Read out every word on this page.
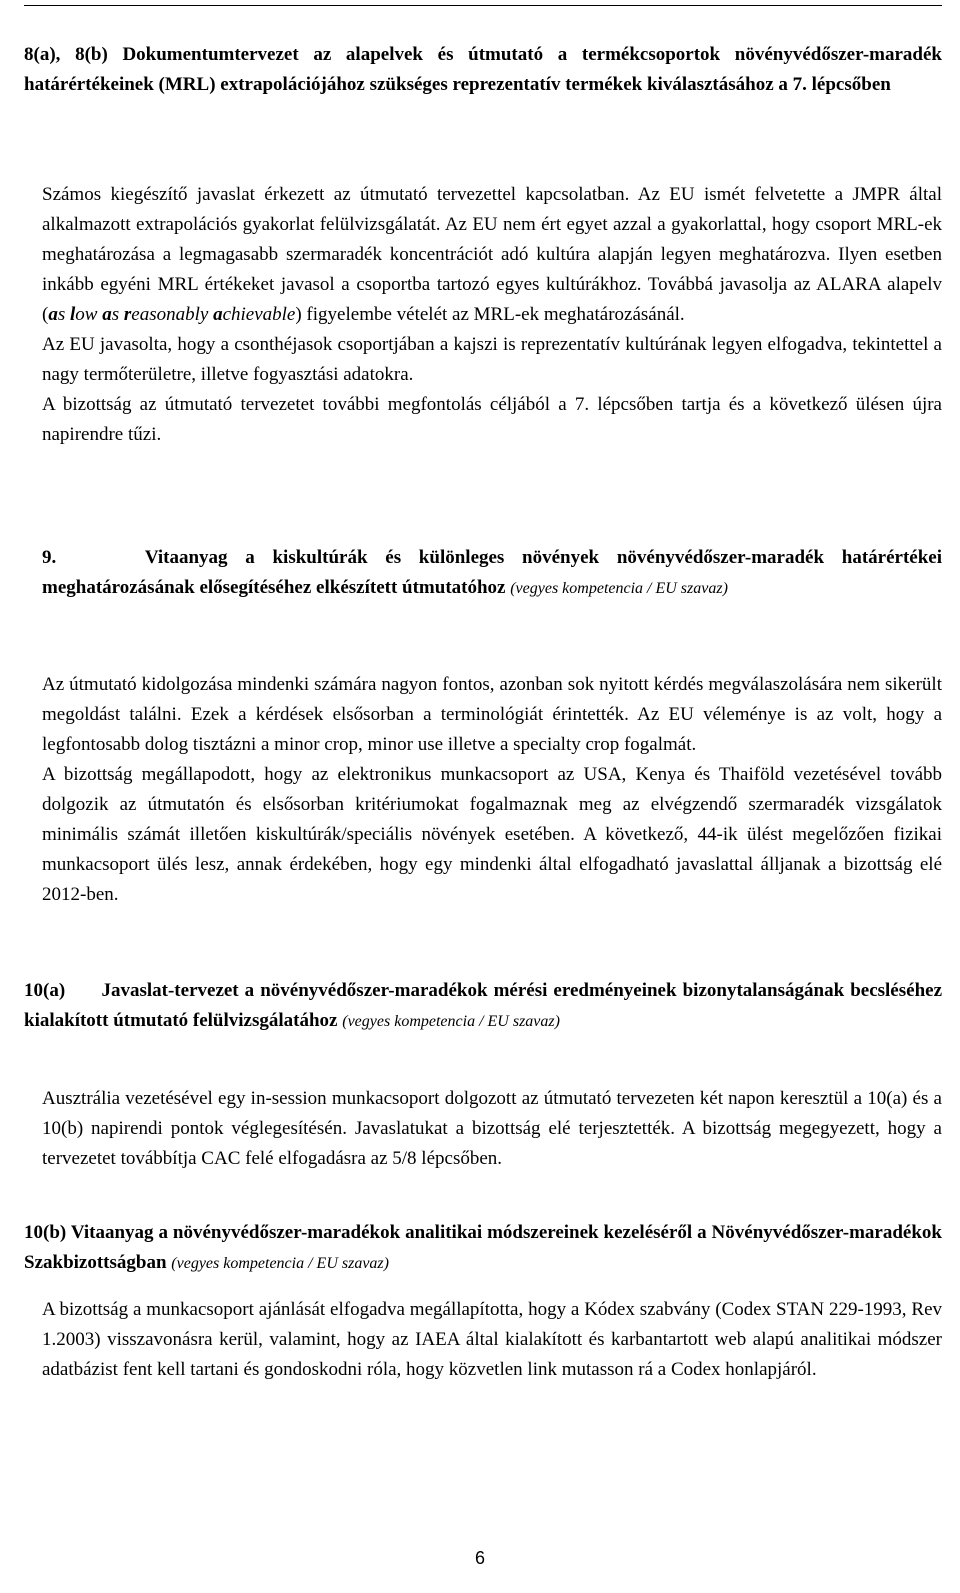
8(a), 8(b) Dokumentumtervezet az alapelvek és útmutató a termékcsoportok növényvédőszer-maradék határértékeinek (MRL) extrapolációjához szükséges reprezentatív termékek kiválasztásához a 7. lépcsőben

Számos kiegészítő javaslat érkezett az útmutató tervezettel kapcsolatban. Az EU ismét felvetette a JMPR által alkalmazott extrapolációs gyakorlat felülvizsgálatát. Az EU nem ért egyet azzal a gyakorlattal, hogy csoport MRL-ek meghatározása a legmagasabb szermaradék koncentrációt adó kultúra alapján legyen meghatározva. Ilyen esetben inkább egyéni MRL értékeket javasol a csoportba tartozó egyes kultúrákhoz. Továbbá javasolja az ALARA alapelv (as low as reasonably achievable) figyelembe vételét az MRL-ek meghatározásánál.

Az EU javasolta, hogy a csonthéjasok csoportjában a kajszi is reprezentatív kultúrának legyen elfogadva, tekintettel a nagy termőterületre, illetve fogyasztási adatokra.

A bizottság az útmutató tervezetet további megfontolás céljából a 7. lépcsőben tartja és a következő ülésen újra napirendre tűzi.

9.	Vitaanyag a kiskultúrák és különleges növények növényvédőszer-maradék határértékei meghatározásának elősegítéséhez elkészített útmutatóhoz (vegyes kompetencia / EU szavaz)

Az útmutató kidolgozása mindenki számára nagyon fontos, azonban sok nyitott kérdés megválaszolására nem sikerült megoldást találni. Ezek a kérdések elsősorban a terminológiát érintették. Az EU véleménye is az volt, hogy a legfontosabb dolog tisztázni a minor crop, minor use illetve a specialty crop fogalmát.

A bizottság megállapodott, hogy az elektronikus munkacsoport az USA, Kenya és Thaiföld vezetésével tovább dolgozik az útmutatón és elsősorban kritériumokat fogalmaznak meg az elvégzendő szermaradék vizsgálatok minimális számát illetően kiskultúrák/speciális növények esetében. A következő, 44-ik ülést megelőzően fizikai munkacsoport ülés lesz, annak érdekében, hogy egy mindenki által elfogadható javaslattal álljanak a bizottság elé 2012-ben.

10(a) Javaslat-tervezet a növényvédőszer-maradékok mérési eredményeinek bizonytalanságának becsléséhez kialakított útmutató felülvizsgálatához (vegyes kompetencia / EU szavaz)

Ausztrália vezetésével egy in-session munkacsoport dolgozott az útmutató tervezeten két napon keresztül a 10(a) és a 10(b) napirendi pontok véglegesítésén. Javaslatukat a bizottság elé terjesztették. A bizottság megegyezett, hogy a tervezetet továbbítja CAC felé elfogadásra az 5/8 lépcsőben.

10(b) Vitaanyag a növényvédőszer-maradékok analitikai módszereinek kezeléséről a Növényvédőszer-maradékok Szakbizottságban (vegyes kompetencia / EU szavaz)

A bizottság a munkacsoport ajánlását elfogadva megállapította, hogy a Kódex szabvány (Codex STAN 229-1993, Rev 1.2003) visszavonásra kerül, valamint, hogy az IAEA által kialakított és karbantartott web alapú analitikai módszer adatbázist fent kell tartani és gondoskodni róla, hogy közvetlen link mutasson rá a Codex honlapjáról.

6
